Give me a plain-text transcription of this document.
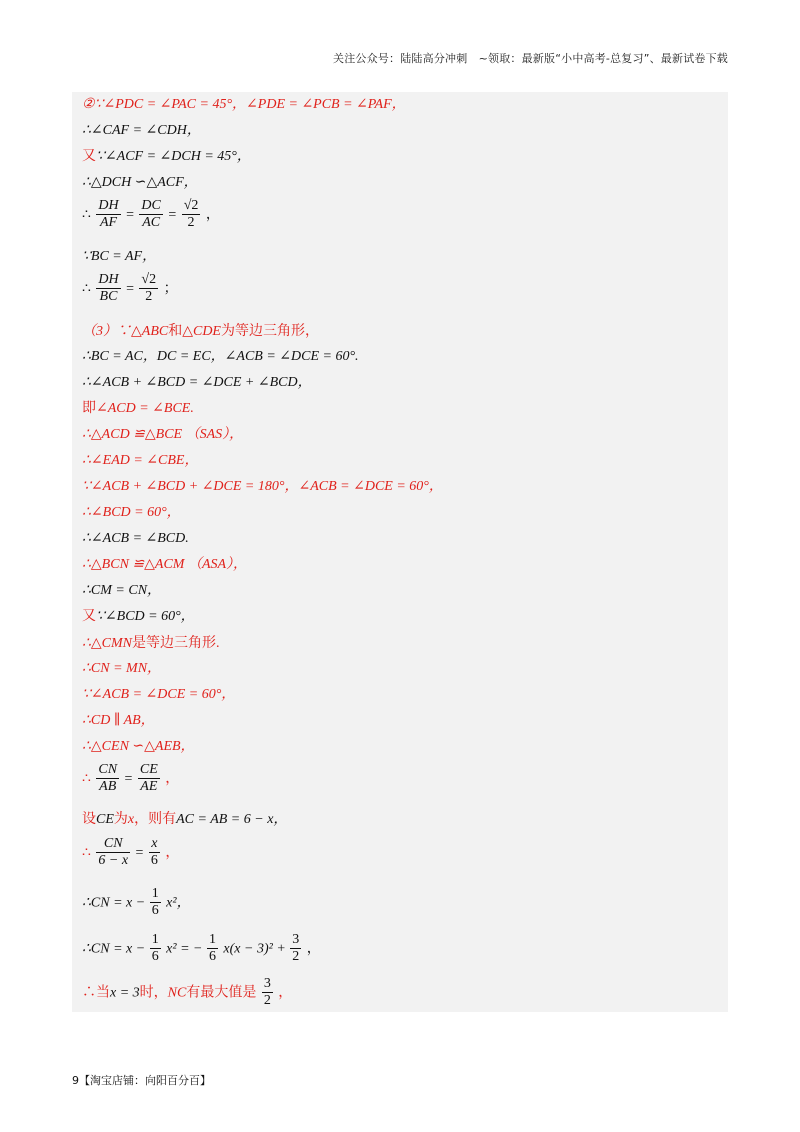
关注公众号：陆陆高分冲刺　~领取：最新版“小中高考-总复习”、最新试卷下载
②∵∠PDC = ∠PAC = 45°，∠PDE = ∠PCB = ∠PAF，
∴∠CAF = ∠CDH，
又∵∠ACF = ∠DCH = 45°，
∴△DCH ∽△ACF，
∴ $\frac{DH}{AF} = \frac{DC}{AC} = \frac{√2}{2}$ ，
∵BC = AF，
∴ $\frac{DH}{BC} = \frac{√2}{2}$ ；
（3）∵△ABC和△CDE为等边三角形，
∴BC = AC，DC = EC，∠ACB = ∠DCE = 60°.
∴∠ACB + ∠BCD = ∠DCE + ∠BCD，
即∠ACD = ∠BCE.
∴△ACD ≌△BCE （SAS），
∴∠EAD = ∠CBE，
∵∠ACB + ∠BCD + ∠DCE = 180°，∠ACB = ∠DCE = 60°，
∴∠BCD = 60°，
∴∠ACB = ∠BCD.
∴△BCN ≌△ACM （ASA），
∴CM = CN，
又∵∠BCD = 60°，
∴△CMN是等边三角形.
∴CN = MN，
∵∠ACB = ∠DCE = 60°，
∴CD ∥ AB，
∴△CEN ∽△AEB，
∴ $\frac{CN}{AB} = \frac{CE}{AE}$ ，
设CE为x，则有AC = AB = 6 − x，
∴ $\frac{CN}{6 - x} = \frac{x}{6}$ ，
∴CN = $x - \frac{1}{6} x^2$，
∴CN = $x - \frac{1}{6} x^2$ = − $\frac{1}{6} x(x - 3)^2 + \frac{3}{2}$ ，
∴当x = 3时，NC有最大值是 $\frac{3}{2}$ ，
9【淘宝店铺：向阳百分百】
